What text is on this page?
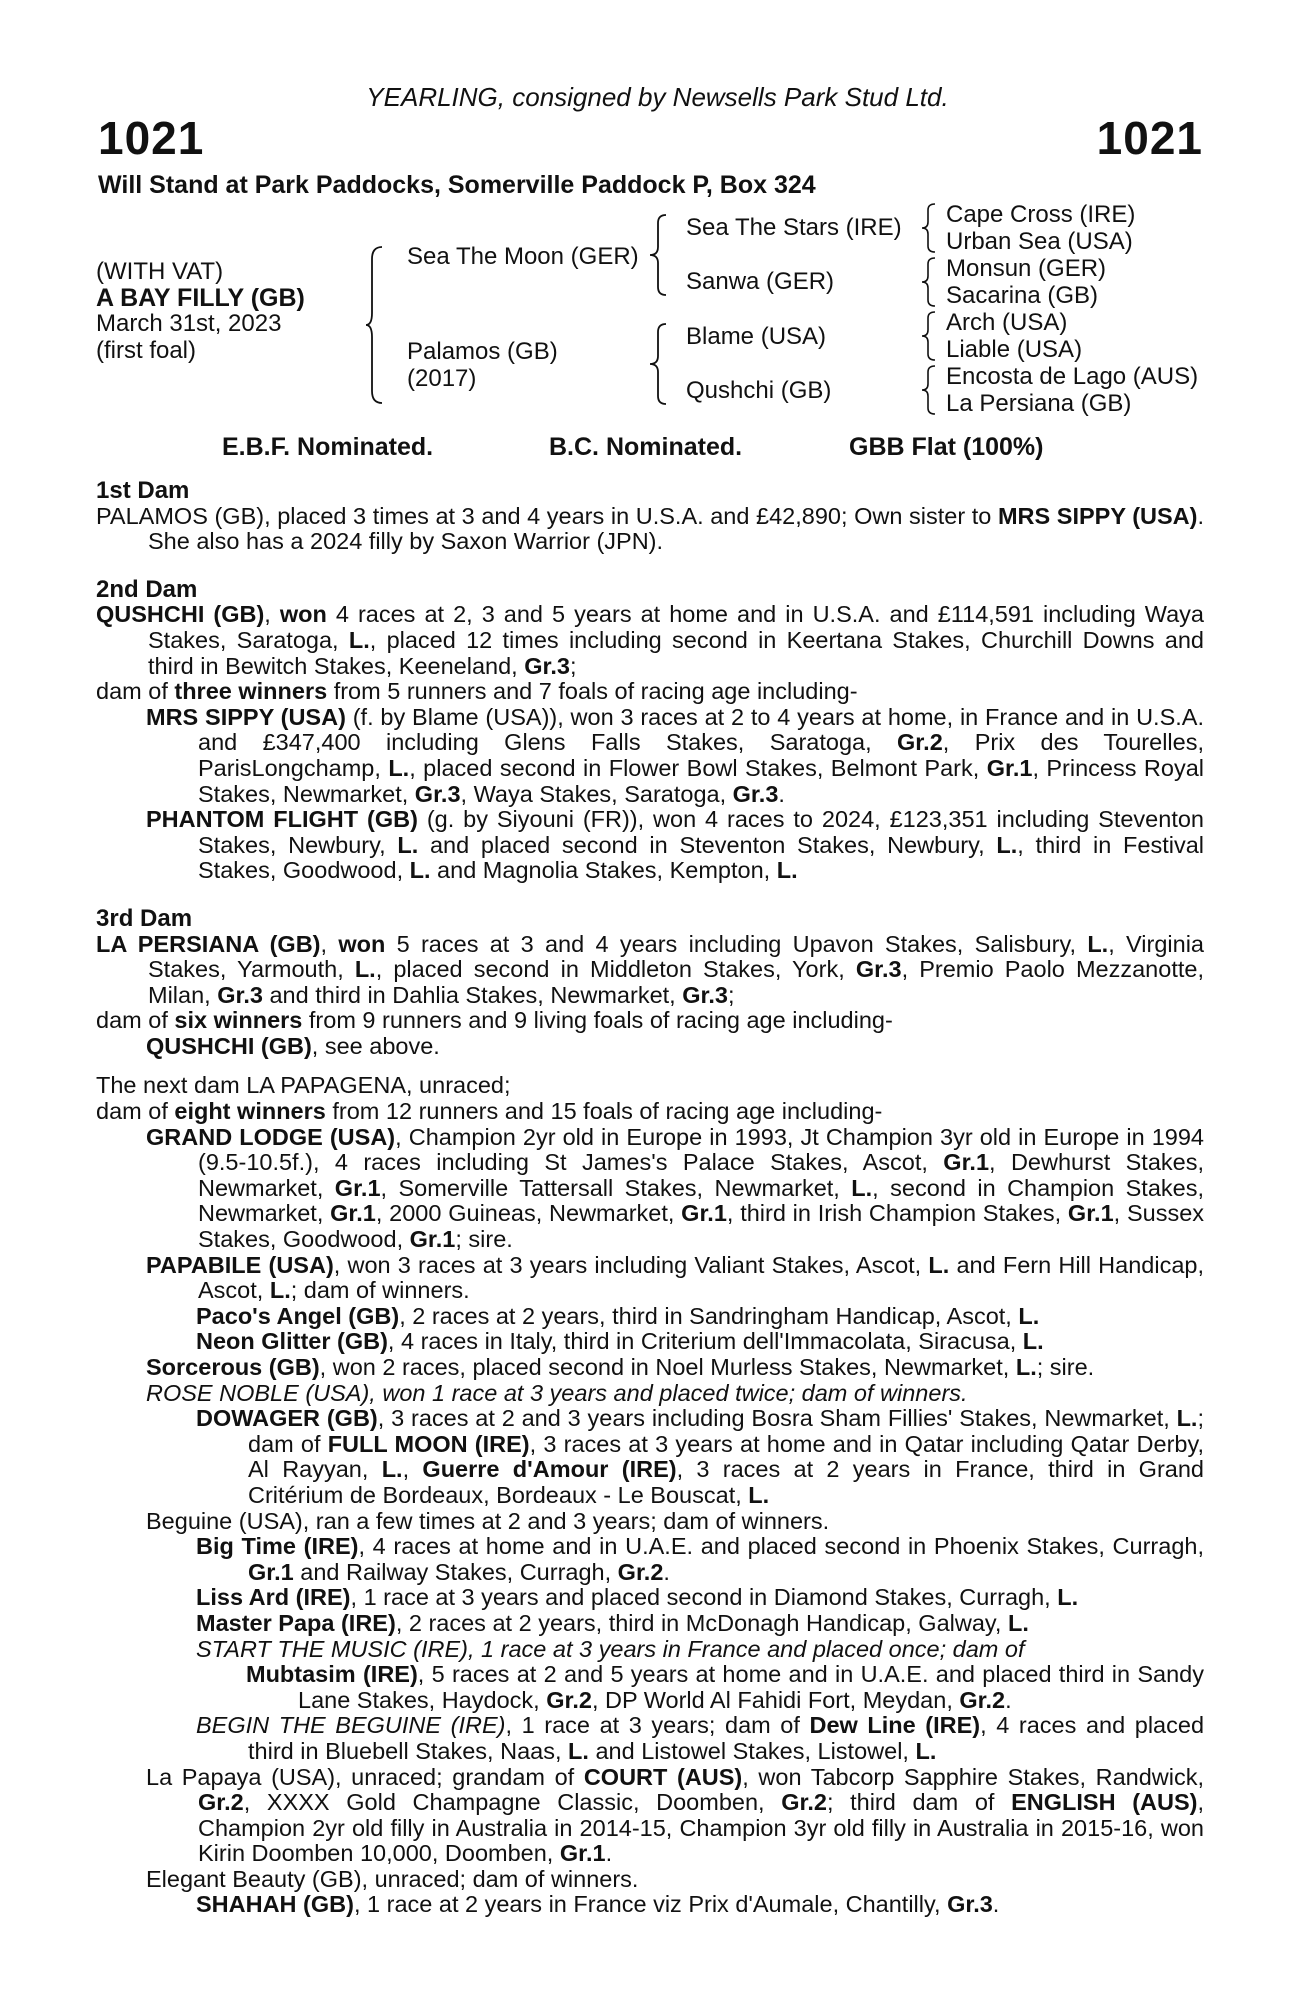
YEARLING, consigned by Newsells Park Stud Ltd.
1021	1021
Will Stand at Park Paddocks, Somerville Paddock P, Box 324
(WITH VAT)
A BAY FILLY (GB)
March 31st, 2023
(first foal)
Sea The Moon (GER)
Palamos (GB)
(2017)
Sea The Stars (IRE)
Sanwa (GER)
Blame (USA)
Qushchi (GB)
Cape Cross (IRE)
Urban Sea (USA)
Monsun (GER)
Sacarina (GB)
Arch (USA)
Liable (USA)
Encosta de Lago (AUS)
La Persiana (GB)
E.B.F. Nominated.	B.C. Nominated.	GBB Flat (100%)
1st Dam

PALAMOS (GB), placed 3 times at 3 and 4 years in U.S.A. and £42,890; Own sister to MRS SIPPY (USA). She also has a 2024 filly by Saxon Warrior (JPN).

2nd Dam

QUSHCHI (GB), won 4 races at 2, 3 and 5 years at home and in U.S.A. and £114,591 including Waya Stakes, Saratoga, L., placed 12 times including second in Keertana Stakes, Churchill Downs and third in Bewitch Stakes, Keeneland, Gr.3;

dam of three winners from 5 runners and 7 foals of racing age including-

MRS SIPPY (USA) (f. by Blame (USA)), won 3 races at 2 to 4 years at home, in France and in U.S.A. and £347,400 including Glens Falls Stakes, Saratoga, Gr.2, Prix des Tourelles, ParisLongchamp, L., placed second in Flower Bowl Stakes, Belmont Park, Gr.1, Princess Royal Stakes, Newmarket, Gr.3, Waya Stakes, Saratoga, Gr.3.

PHANTOM FLIGHT (GB) (g. by Siyouni (FR)), won 4 races to 2024, £123,351 including Steventon Stakes, Newbury, L. and placed second in Steventon Stakes, Newbury, L., third in Festival Stakes, Goodwood, L. and Magnolia Stakes, Kempton, L.

3rd Dam

LA PERSIANA (GB), won 5 races at 3 and 4 years including Upavon Stakes, Salisbury, L., Virginia Stakes, Yarmouth, L., placed second in Middleton Stakes, York, Gr.3, Premio Paolo Mezzanotte, Milan, Gr.3 and third in Dahlia Stakes, Newmarket, Gr.3;

dam of six winners from 9 runners and 9 living foals of racing age including-

QUSHCHI (GB), see above.

The next dam LA PAPAGENA, unraced;

dam of eight winners from 12 runners and 15 foals of racing age including-

GRAND LODGE (USA), Champion 2yr old in Europe in 1993, Jt Champion 3yr old in Europe in 1994 (9.5-10.5f.), 4 races including St James's Palace Stakes, Ascot, Gr.1, Dewhurst Stakes, Newmarket, Gr.1, Somerville Tattersall Stakes, Newmarket, L., second in Champion Stakes, Newmarket, Gr.1, 2000 Guineas, Newmarket, Gr.1, third in Irish Champion Stakes, Gr.1, Sussex Stakes, Goodwood, Gr.1; sire.

PAPABILE (USA), won 3 races at 3 years including Valiant Stakes, Ascot, L. and Fern Hill Handicap, Ascot, L.; dam of winners.

Paco's Angel (GB), 2 races at 2 years, third in Sandringham Handicap, Ascot, L.

Neon Glitter (GB), 4 races in Italy, third in Criterium dell'Immacolata, Siracusa, L.

Sorcerous (GB), won 2 races, placed second in Noel Murless Stakes, Newmarket, L.; sire.

ROSE NOBLE (USA), won 1 race at 3 years and placed twice; dam of winners.

DOWAGER (GB), 3 races at 2 and 3 years including Bosra Sham Fillies' Stakes, Newmarket, L.; dam of FULL MOON (IRE), 3 races at 3 years at home and in Qatar including Qatar Derby, Al Rayyan, L., Guerre d'Amour (IRE), 3 races at 2 years in France, third in Grand Critérium de Bordeaux, Bordeaux - Le Bouscat, L.

Beguine (USA), ran a few times at 2 and 3 years; dam of winners.

Big Time (IRE), 4 races at home and in U.A.E. and placed second in Phoenix Stakes, Curragh, Gr.1 and Railway Stakes, Curragh, Gr.2.

Liss Ard (IRE), 1 race at 3 years and placed second in Diamond Stakes, Curragh, L.

Master Papa (IRE), 2 races at 2 years, third in McDonagh Handicap, Galway, L.

START THE MUSIC (IRE), 1 race at 3 years in France and placed once; dam of

Mubtasim (IRE), 5 races at 2 and 5 years at home and in U.A.E. and placed third in Sandy Lane Stakes, Haydock, Gr.2, DP World Al Fahidi Fort, Meydan, Gr.2.

BEGIN THE BEGUINE (IRE), 1 race at 3 years; dam of Dew Line (IRE), 4 races and placed third in Bluebell Stakes, Naas, L. and Listowel Stakes, Listowel, L.

La Papaya (USA), unraced; grandam of COURT (AUS), won Tabcorp Sapphire Stakes, Randwick, Gr.2, XXXX Gold Champagne Classic, Doomben, Gr.2; third dam of ENGLISH (AUS), Champion 2yr old filly in Australia in 2014-15, Champion 3yr old filly in Australia in 2015-16, won Kirin Doomben 10,000, Doomben, Gr.1.

Elegant Beauty (GB), unraced; dam of winners.

SHAHAH (GB), 1 race at 2 years in France viz Prix d'Aumale, Chantilly, Gr.3.
